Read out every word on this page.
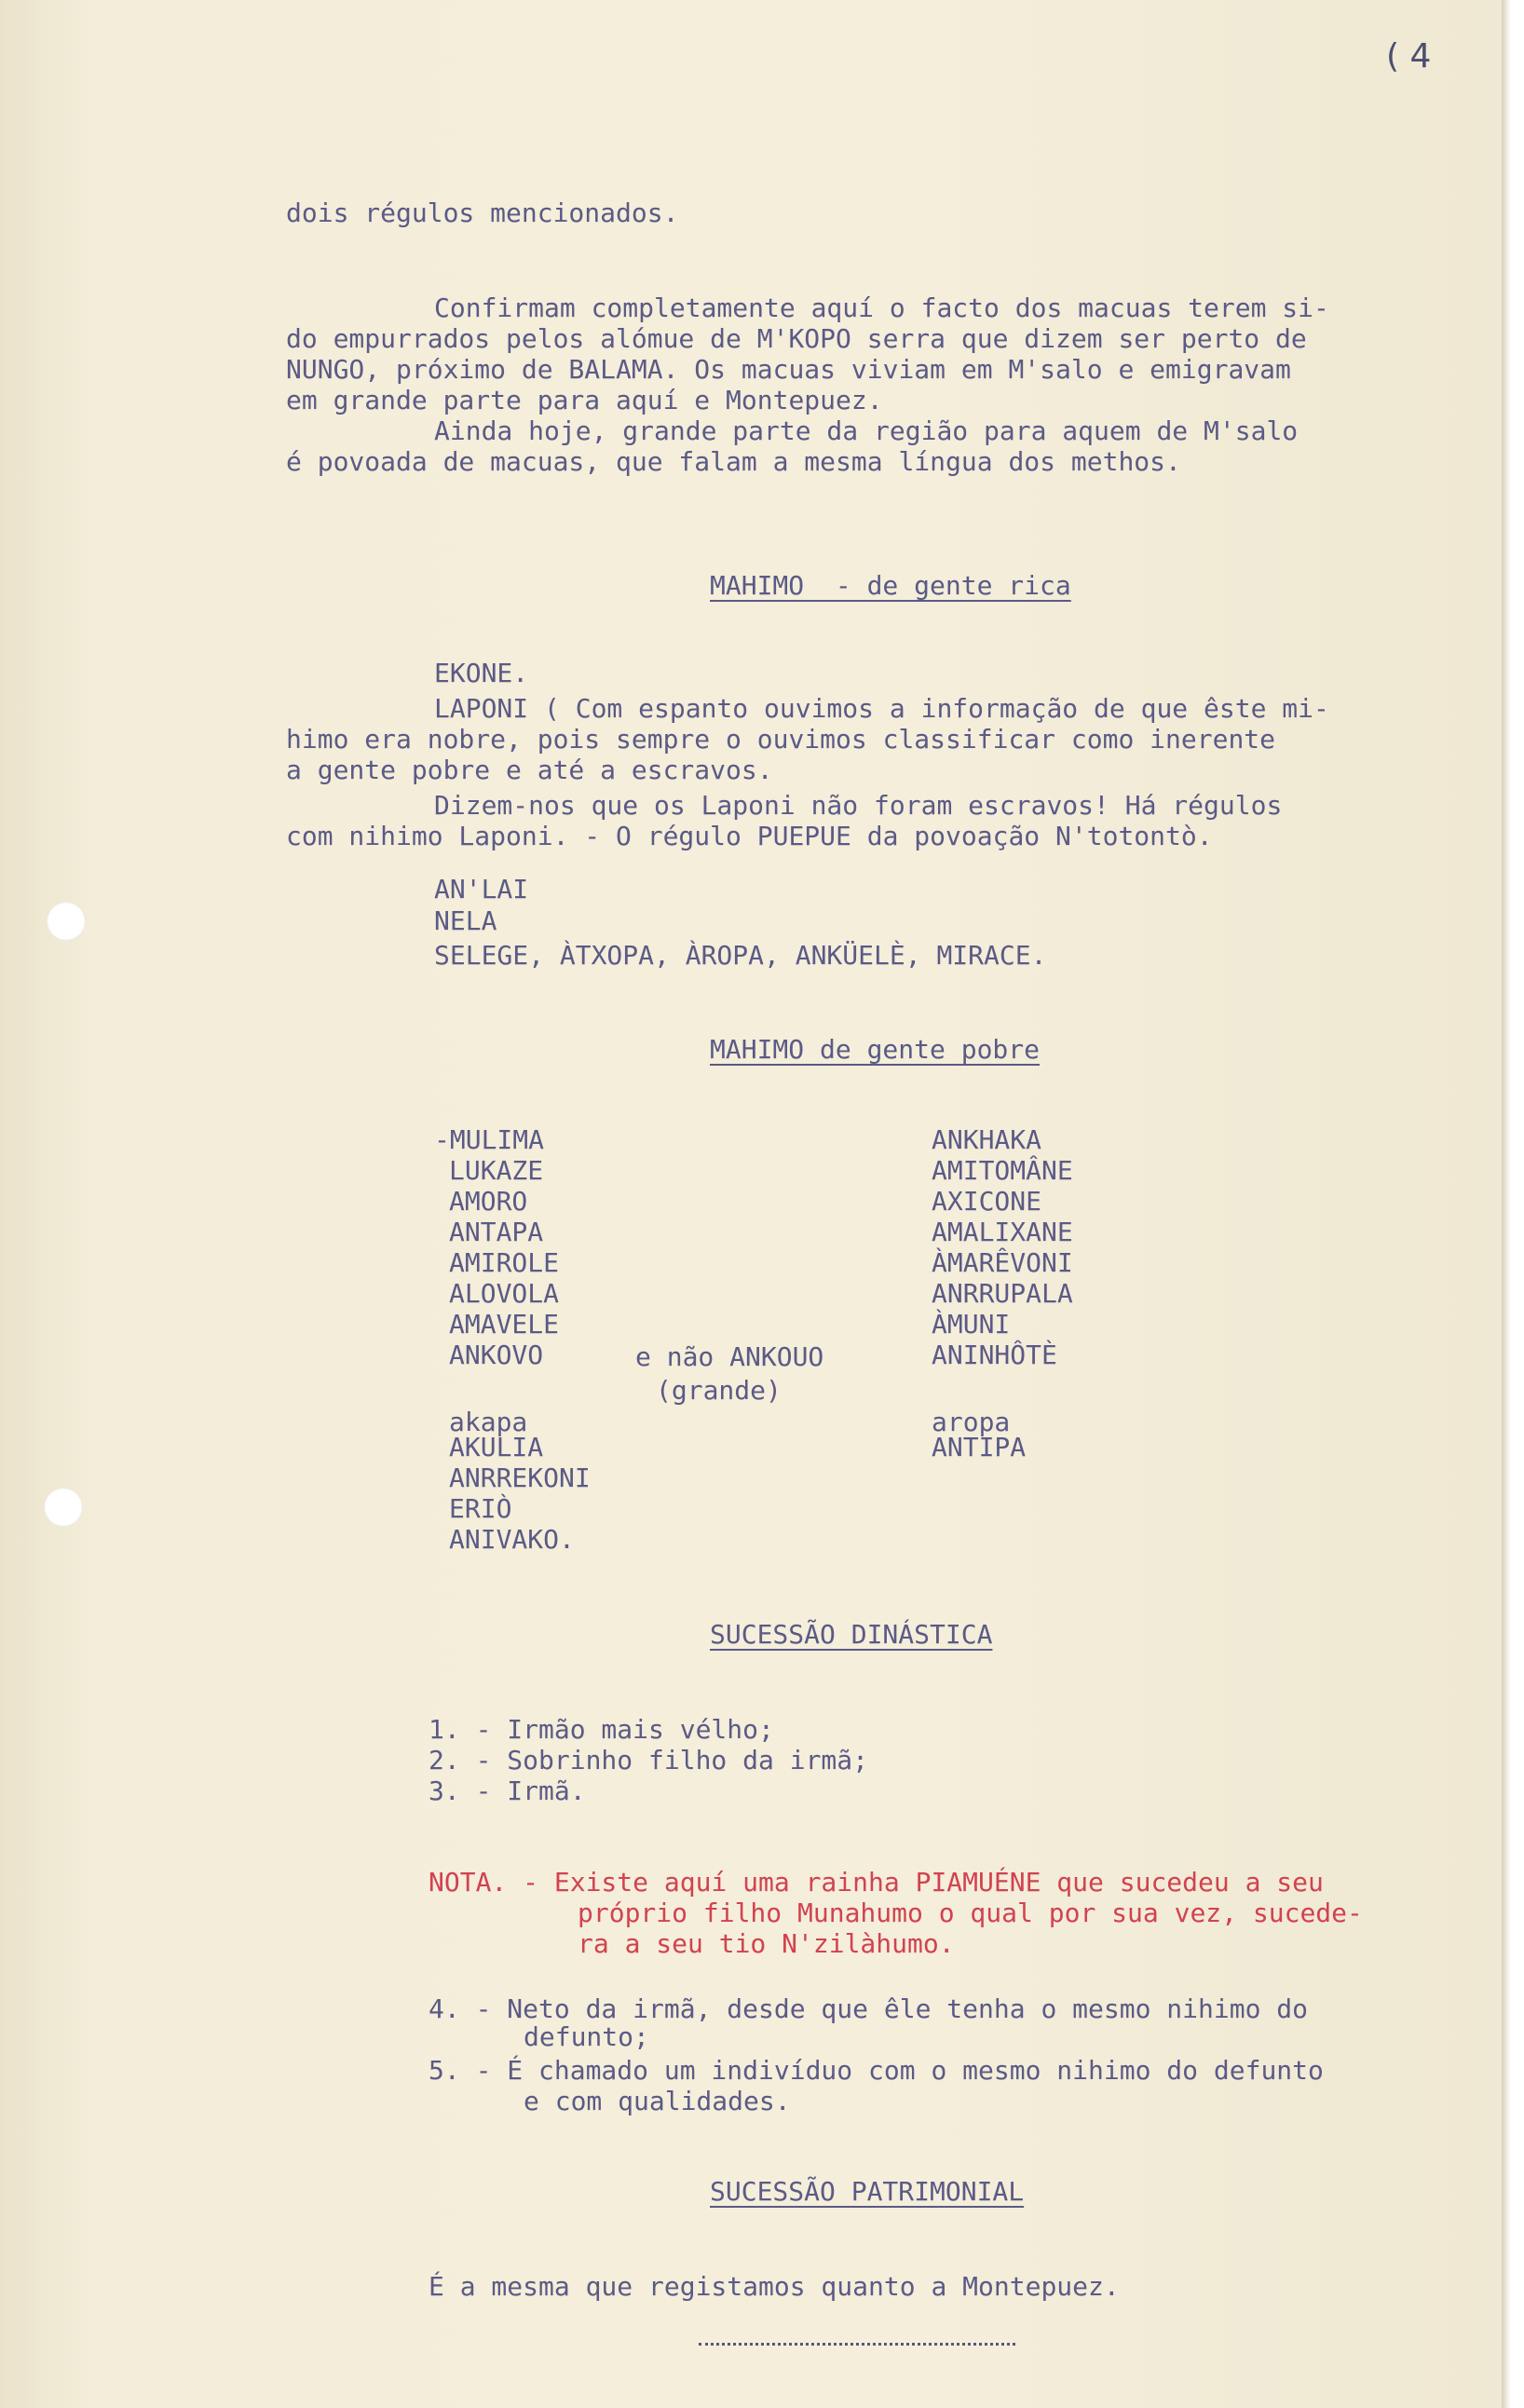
( 4
dois régulos mencionados.
Confirmam completamente aquí o facto dos macuas terem si-
do empurrados pelos alómue de M'KOPO serra que dizem ser perto de
NUNGO, próximo de BALAMA. Os macuas viviam em M'salo e emigravam
em grande parte para aquí e Montepuez.
Ainda hoje, grande parte da região para aquem de M'salo
é povoada de macuas, que falam a mesma língua dos methos.
MAHIMO  - de gente rica
EKONE.
LAPONI ( Com espanto ouvimos a informação de que êste mi-
himo era nobre, pois sempre o ouvimos classificar como inerente
a gente pobre e até a escravos.
Dizem-nos que os Laponi não foram escravos! Há régulos
com nihimo Laponi. - O régulo PUEPUE da povoação N'totontò.
AN'LAI
NELA
SELEGE, ÀTXOPA, ÀROPA, ANKÜELÈ, MIRACE.
MAHIMO de gente pobre
-MULIMA
LUKAZE
AMORO
ANTAPA
AMIROLE
ALOVOLA
AMAVELE
ANKOVO	e não ANKOUO
(grande)
akapa
AKULIA
ANRREKONI
ERIÒ
ANIVAKO.
ANKHAKA
AMITOMÂNE
AXICONE
AMALIXANE
ÀMARÊVONI
ANRRUPALA
ÀMUNI
ANINHÔTÈ
aropa
ANTIPA
SUCESSÃO DINÁSTICA
1. - Irmão mais vélho;
2. - Sobrinho filho da irmã;
3. - Irmã.
NOTA. - Existe aquí uma rainha PIAMUÉNE que sucedeu a seu
próprio filho Munahumo o qual por sua vez, sucede-
ra a seu tio N'zilàhumo.
4. - Neto da irmã, desde que êle tenha o mesmo nihimo do
defunto;
5. - É chamado um indivíduo com o mesmo nihimo do defunto
e com qualidades.
SUCESSÃO PATRIMONIAL
É a mesma que registamos quanto a Montepuez.
